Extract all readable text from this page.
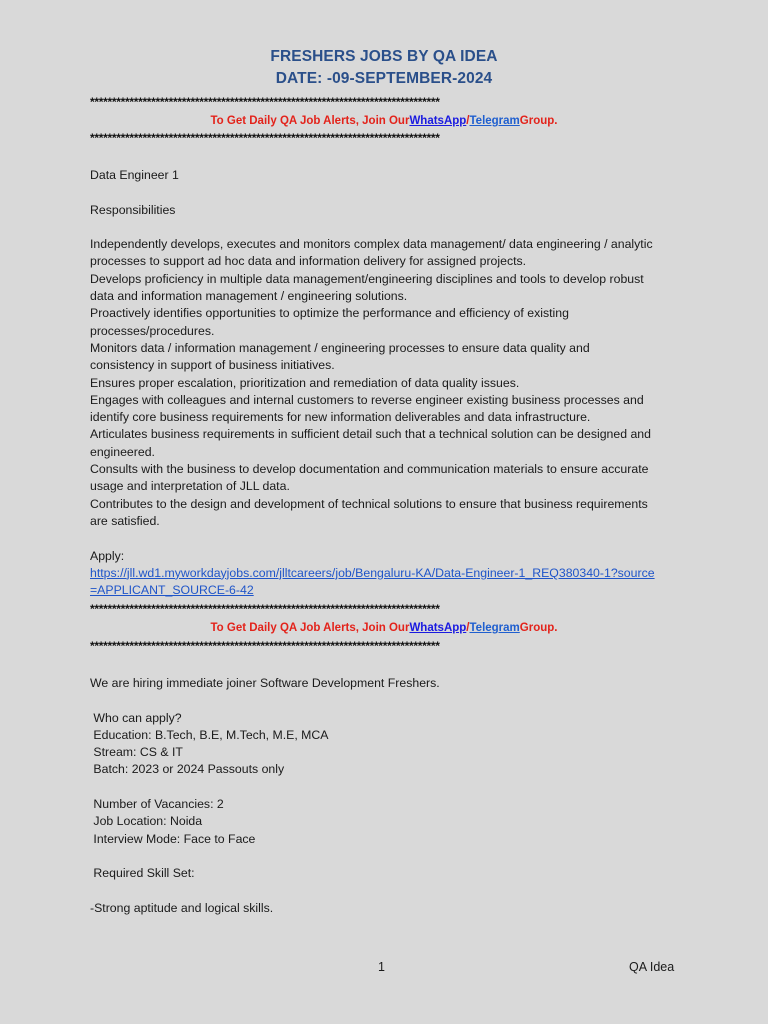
FRESHERS JOBS BY QA IDEA
DATE: -09-SEPTEMBER-2024
********************************************************************************
To Get Daily QA Job Alerts, Join OurWhatsApp/TelegramGroup.
********************************************************************************
Data Engineer 1
Responsibilities
Independently develops, executes and monitors complex data management/ data engineering / analytic
processes to support ad hoc data and information delivery for assigned projects.
Develops proficiency in multiple data management/engineering disciplines and tools to develop robust
data and information management / engineering solutions.
Proactively identifies opportunities to optimize the performance and efficiency of existing
processes/procedures.
Monitors data / information management / engineering processes to ensure data quality and
consistency in support of business initiatives.
Ensures proper escalation, prioritization and remediation of data quality issues.
Engages with colleagues and internal customers to reverse engineer existing business processes and
identify core business requirements for new information deliverables and data infrastructure.
Articulates business requirements in sufficient detail such that a technical solution can be designed and
engineered.
Consults with the business to develop documentation and communication materials to ensure accurate
usage and interpretation of JLL data.
Contributes to the design and development of technical solutions to ensure that business requirements
are satisfied.
Apply:
https://jll.wd1.myworkdayjobs.com/jlltcareers/job/Bengaluru-KA/Data-Engineer-1_REQ380340-1?source
=APPLICANT_SOURCE-6-42
********************************************************************************
To Get Daily QA Job Alerts, Join OurWhatsApp/TelegramGroup.
********************************************************************************
We are hiring immediate joiner Software Development Freshers.
Who can apply?
Education: B.Tech, B.E, M.Tech, M.E, MCA
Stream: CS & IT
Batch: 2023 or 2024 Passouts only
Number of Vacancies: 2
Job Location: Noida
Interview Mode: Face to Face
Required Skill Set:
-Strong aptitude and logical skills.
1	QA Idea
